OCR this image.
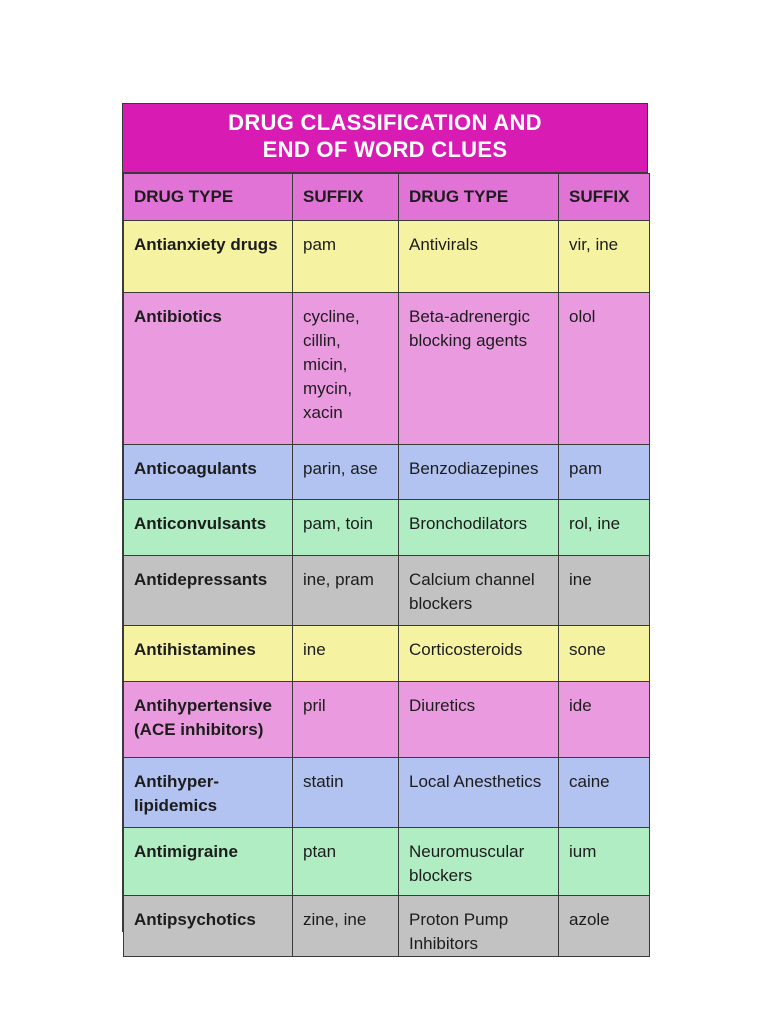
DRUG CLASSIFICATION AND
END OF WORD CLUES
DRUG TYPE	SUFFIX	DRUG TYPE	SUFFIX
Antianxiety drugs	pam	Antivirals	vir, ine
Antibiotics	cycline,
cillin,
micin,
mycin,
xacin	Beta-adrenergic blocking agents	olol
Anticoagulants	parin, ase	Benzodiazepines	pam
Anticonvulsants	pam, toin	Bronchodilators	rol, ine
Antidepressants	ine, pram	Calcium channel blockers	ine
Antihistamines	ine	Corticosteroids	sone
Antihypertensive (ACE inhibitors)	pril	Diuretics	ide
Antihyper-lipidemics	statin	Local Anesthetics	caine
Antimigraine	ptan	Neuromuscular blockers	ium
Antipsychotics	zine, ine	Proton Pump Inhibitors	azole
